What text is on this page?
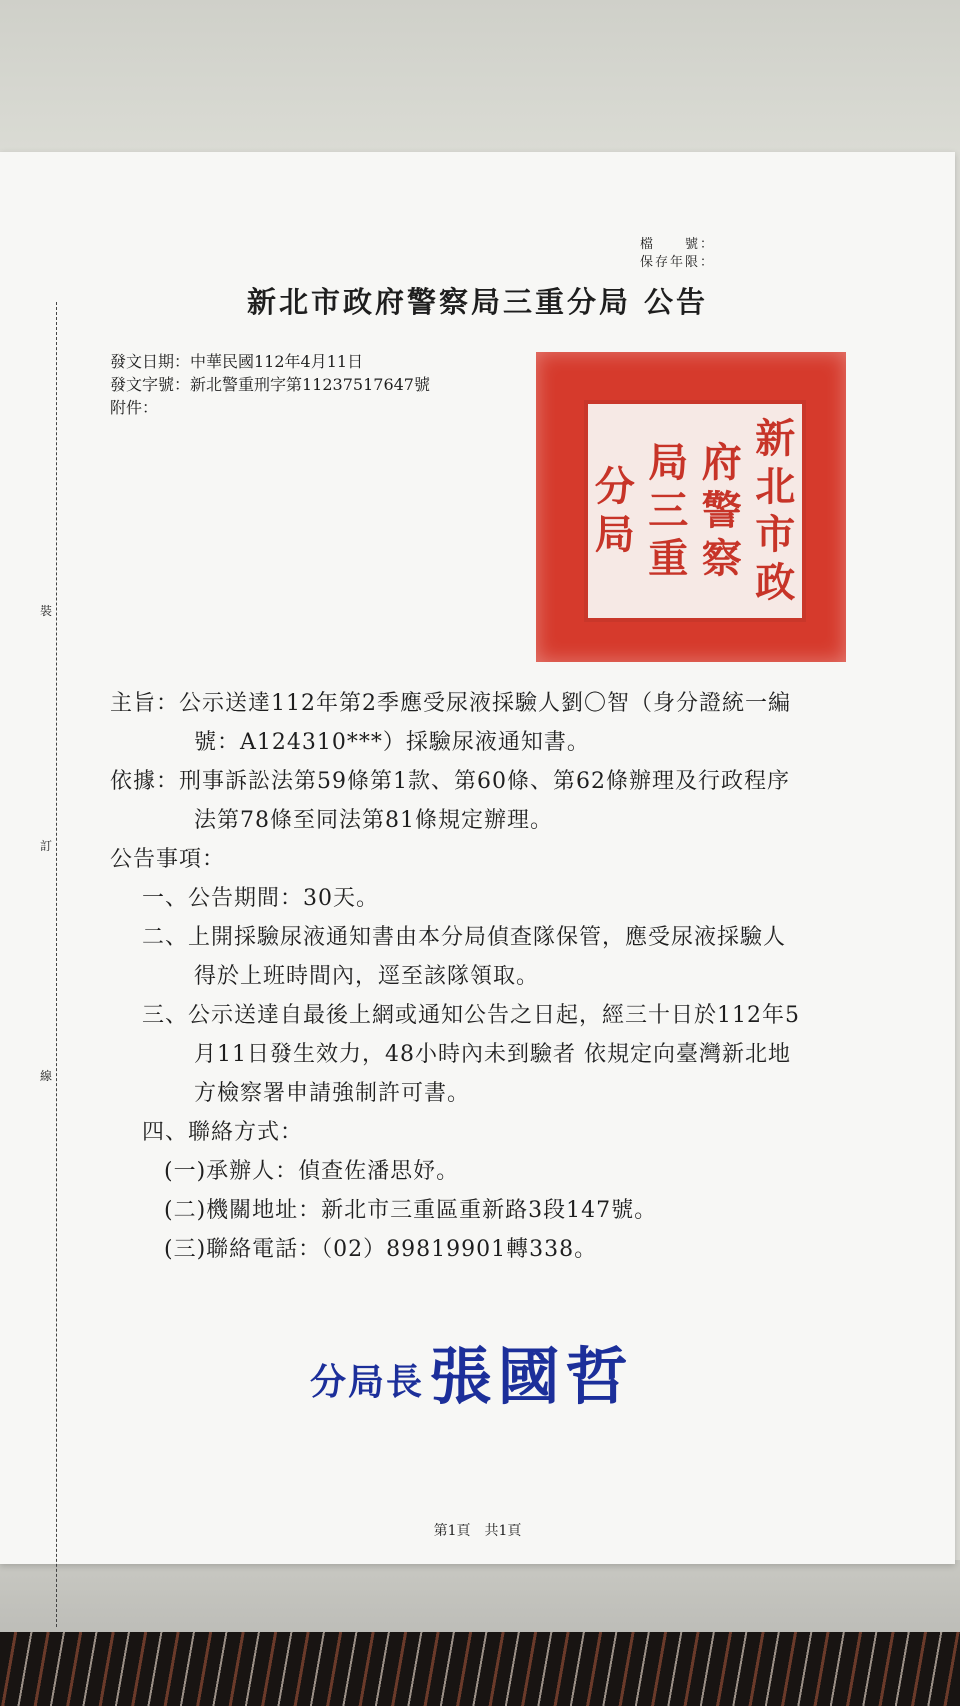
裝
訂
線
檔　　號：
保存年限：
新北市政府警察局三重分局 公告
發文日期：中華民國112年4月11日
發文字號：新北警重刑字第11237517647號
附件：
新
北
市
政
府
警
察
局
三
重
分
局
主旨： 公示送達112年第2季應受尿液採驗人劉〇智（身分證統一編
號：A124310***）採驗尿液通知書。
依據： 刑事訴訟法第59條第1款、第60條、第62條辦理及行政程序
法第78條至同法第81條規定辦理。
公告事項：
一、公告期間：30天。
二、上開採驗尿液通知書由本分局偵查隊保管，應受尿液採驗人
得於上班時間內，逕至該隊領取。
三、公示送達自最後上網或通知公告之日起，經三十日於112年5
月11日發生效力，48小時內未到驗者 依規定向臺灣新北地
方檢察署申請強制許可書。
四、聯絡方式：
(一)承辦人：偵查佐潘思妤。
(二)機關地址：新北市三重區重新路3段147號。
(三)聯絡電話：（02）89819901轉338。
分局長 張國哲
第1頁　共1頁
